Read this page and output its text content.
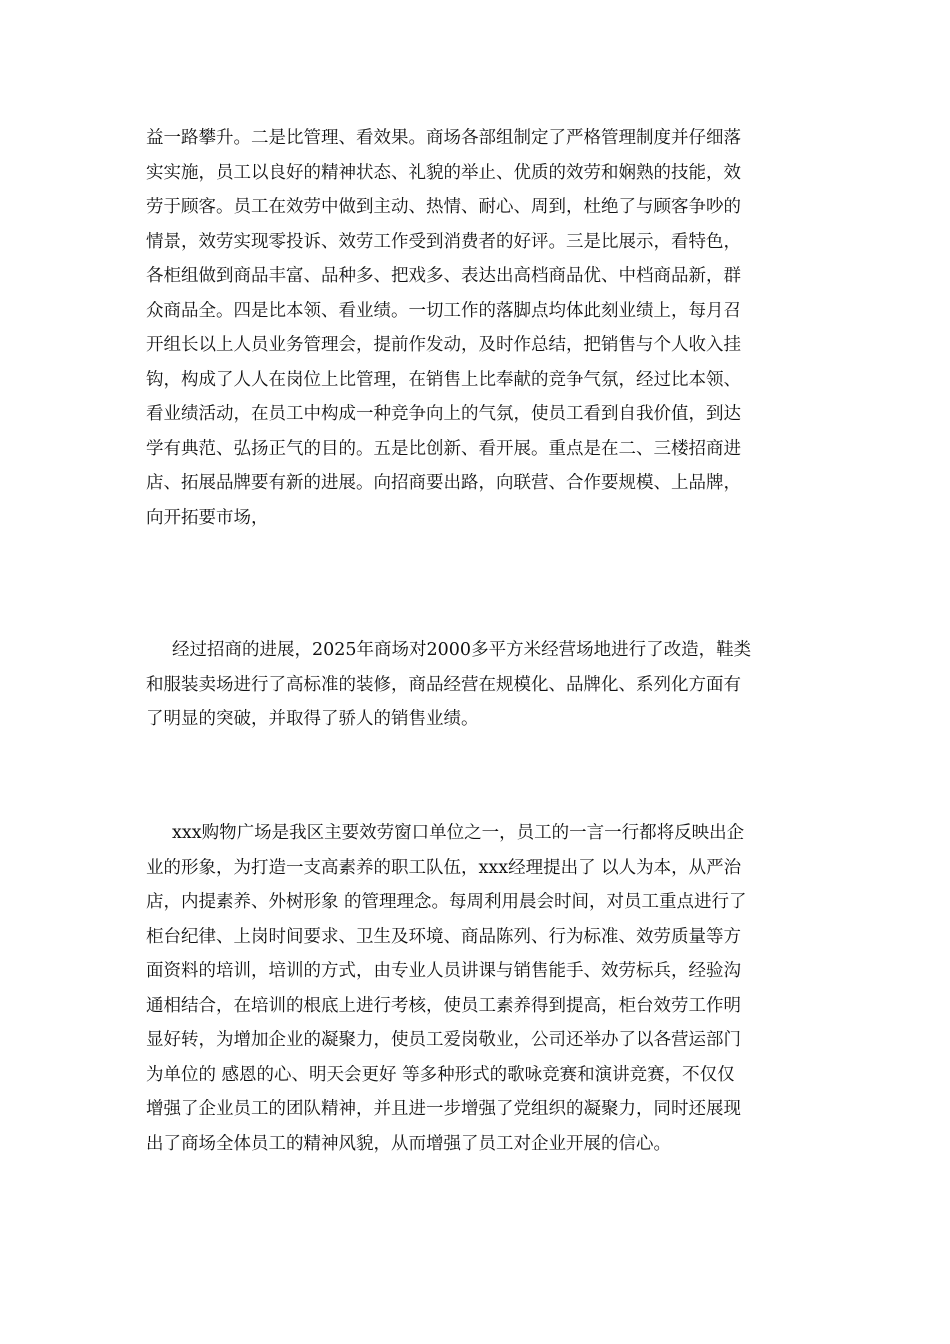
益一路攀升。二是比管理、看效果。商场各部组制定了严格管理制度并仔细落
实实施，员工以良好的精神状态、礼貌的举止、优质的效劳和娴熟的技能，效
劳于顾客。员工在效劳中做到主动、热情、耐心、周到，杜绝了与顾客争吵的
情景，效劳实现零投诉、效劳工作受到消费者的好评。三是比展示，看特色，
各柜组做到商品丰富、品种多、把戏多、表达出高档商品优、中档商品新，群
众商品全。四是比本领、看业绩。一切工作的落脚点均体此刻业绩上，每月召
开组长以上人员业务管理会，提前作发动，及时作总结，把销售与个人收入挂
钩，构成了人人在岗位上比管理，在销售上比奉献的竞争气氛，经过比本领、
看业绩活动，在员工中构成一种竞争向上的气氛，使员工看到自我价值，到达
学有典范、弘扬正气的目的。五是比创新、看开展。重点是在二、三楼招商进
店、拓展品牌要有新的进展。向招商要出路，向联营、合作要规模、上品牌，
向开拓要市场，
经过招商的进展，2025年商场对2000多平方米经营场地进行了改造，鞋类
和服装卖场进行了高标准的装修，商品经营在规模化、品牌化、系列化方面有
了明显的突破，并取得了骄人的销售业绩。
xxx购物广场是我区主要效劳窗口单位之一，员工的一言一行都将反映出企
业的形象，为打造一支高素养的职工队伍，xxx经理提出了 以人为本，从严治
店，内提素养、外树形象 的管理理念。每周利用晨会时间，对员工重点进行了
柜台纪律、上岗时间要求、卫生及环境、商品陈列、行为标准、效劳质量等方
面资料的培训，培训的方式，由专业人员讲课与销售能手、效劳标兵，经验沟
通相结合，在培训的根底上进行考核，使员工素养得到提高，柜台效劳工作明
显好转，为增加企业的凝聚力，使员工爱岗敬业，公司还举办了以各营运部门
为单位的 感恩的心、明天会更好 等多种形式的歌咏竞赛和演讲竞赛，不仅仅
增强了企业员工的团队精神，并且进一步增强了党组织的凝聚力，同时还展现
出了商场全体员工的精神风貌，从而增强了员工对企业开展的信心。
